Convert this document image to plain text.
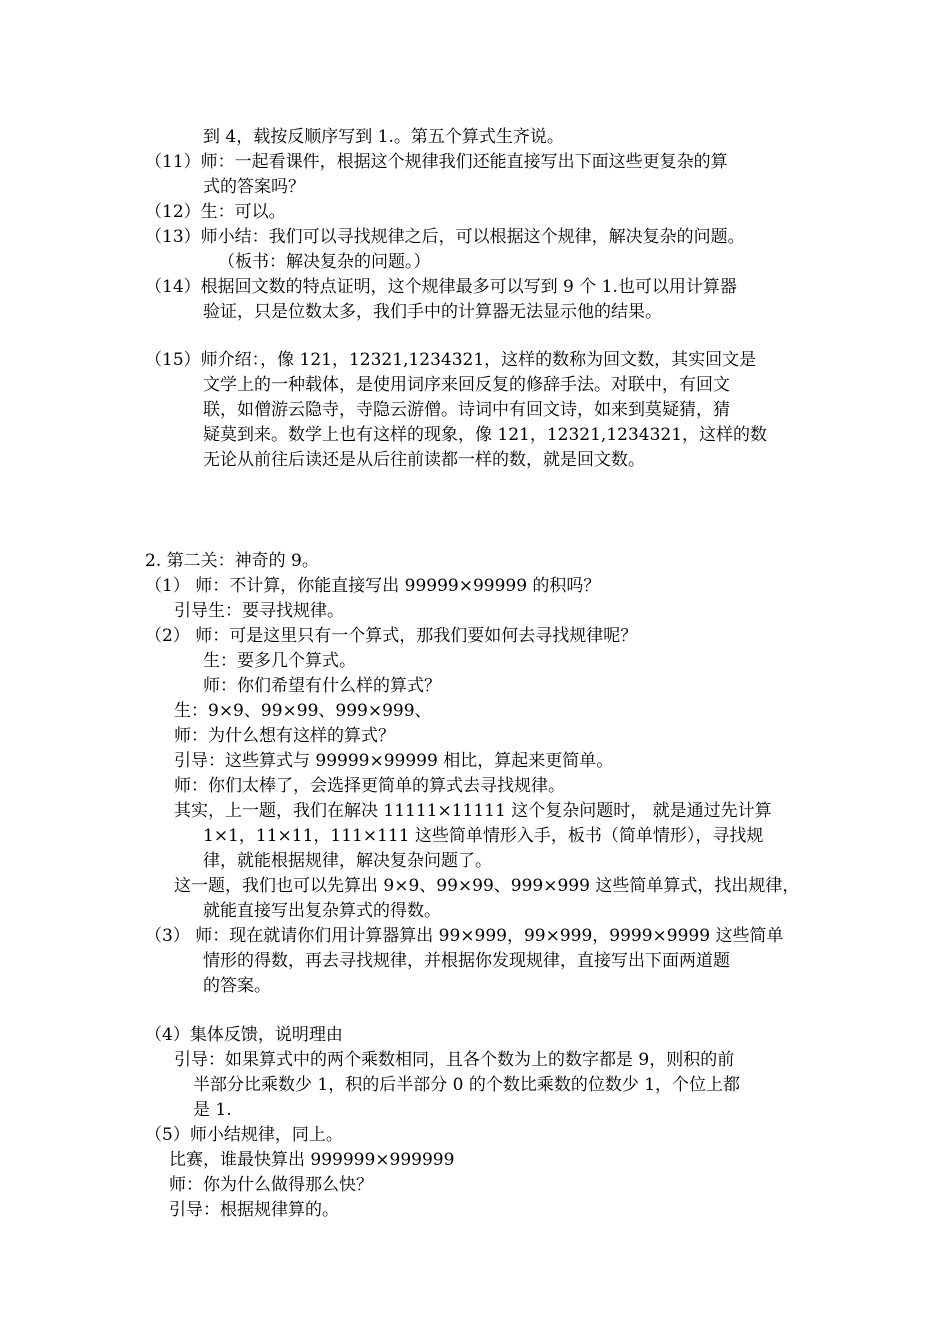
到 4，载按反顺序写到 1.。第五个算式生齐说。
（11）师：一起看课件，根据这个规律我们还能直接写出下面这些更复杂的算
式的答案吗？
（12）生：可以。
（13）师小结：我们可以寻找规律之后，可以根据这个规律，解决复杂的问题。
（板书：解决复杂的问题。）
（14）根据回文数的特点证明，这个规律最多可以写到 9 个 1.也可以用计算器
验证，只是位数太多，我们手中的计算器无法显示他的结果。
（15）师介绍：，像 121，12321,1234321，这样的数称为回文数，其实回文是
文学上的一种载体，是使用词序来回反复的修辞手法。对联中，有回文
联，如僧游云隐寺，寺隐云游僧。诗词中有回文诗，如来到莫疑猜，猜
疑莫到来。数学上也有这样的现象，像 121，12321,1234321，这样的数
无论从前往后读还是从后往前读都一样的数，就是回文数。
2. 第二关：神奇的 9。
（1） 师：不计算，你能直接写出 99999×99999 的积吗？
引导生：要寻找规律。
（2） 师：可是这里只有一个算式，那我们要如何去寻找规律呢？
生：要多几个算式。
师：你们希望有什么样的算式？
生：9×9、99×99、999×999、
师：为什么想有这样的算式？
引导：这些算式与 99999×99999 相比，算起来更简单。
师：你们太棒了，会选择更简单的算式去寻找规律。
其实，上一题，我们在解决 11111×11111 这个复杂问题时， 就是通过先计算
1×1，11×11，111×111 这些简单情形入手，板书（简单情形），寻找规
律，就能根据规律，解决复杂问题了。
这一题，我们也可以先算出 9×9、99×99、999×999 这些简单算式，找出规律，
就能直接写出复杂算式的得数。
（3） 师：现在就请你们用计算器算出 99×999，99×999，9999×9999 这些简单
情形的得数，再去寻找规律，并根据你发现规律，直接写出下面两道题
的答案。
（4）集体反馈，说明理由
引导：如果算式中的两个乘数相同，且各个数为上的数字都是 9，则积的前
半部分比乘数少 1，积的后半部分 0 的个数比乘数的位数少 1，个位上都
是 1.
（5）师小结规律，同上。
比赛，谁最快算出 999999×999999
师：你为什么做得那么快？
引导：根据规律算的。
